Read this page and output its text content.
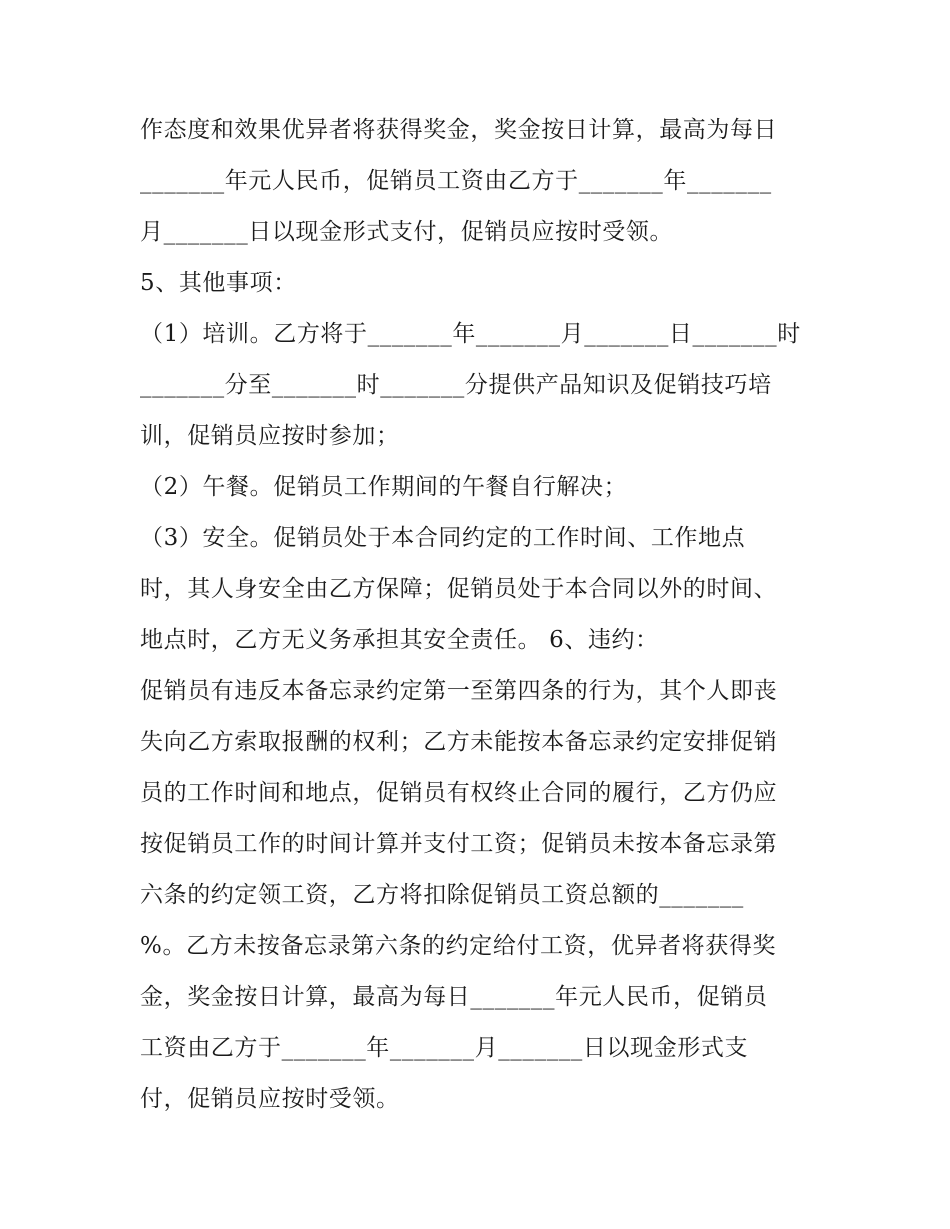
作态度和效果优异者将获得奖金，奖金按日计算，最高为每日
_______年元人民币，促销员工资由乙方于_______年_______
月_______日以现金形式支付，促销员应按时受领。
5、其他事项：
（1）培训。乙方将于_______年_______月_______日_______时
_______分至_______时_______分提供产品知识及促销技巧培
训，促销员应按时参加；
（2）午餐。促销员工作期间的午餐自行解决；
（3）安全。促销员处于本合同约定的工作时间、工作地点
时，其人身安全由乙方保障；促销员处于本合同以外的时间、
地点时，乙方无义务承担其安全责任。 6、违约：
促销员有违反本备忘录约定第一至第四条的行为，其个人即丧
失向乙方索取报酬的权利；乙方未能按本备忘录约定安排促销
员的工作时间和地点，促销员有权终止合同的履行，乙方仍应
按促销员工作的时间计算并支付工资；促销员未按本备忘录第
六条的约定领工资，乙方将扣除促销员工资总额的_______
%。乙方未按备忘录第六条的约定给付工资，优异者将获得奖
金，奖金按日计算，最高为每日_______年元人民币，促销员
工资由乙方于_______年_______月_______日以现金形式支
付，促销员应按时受领。
